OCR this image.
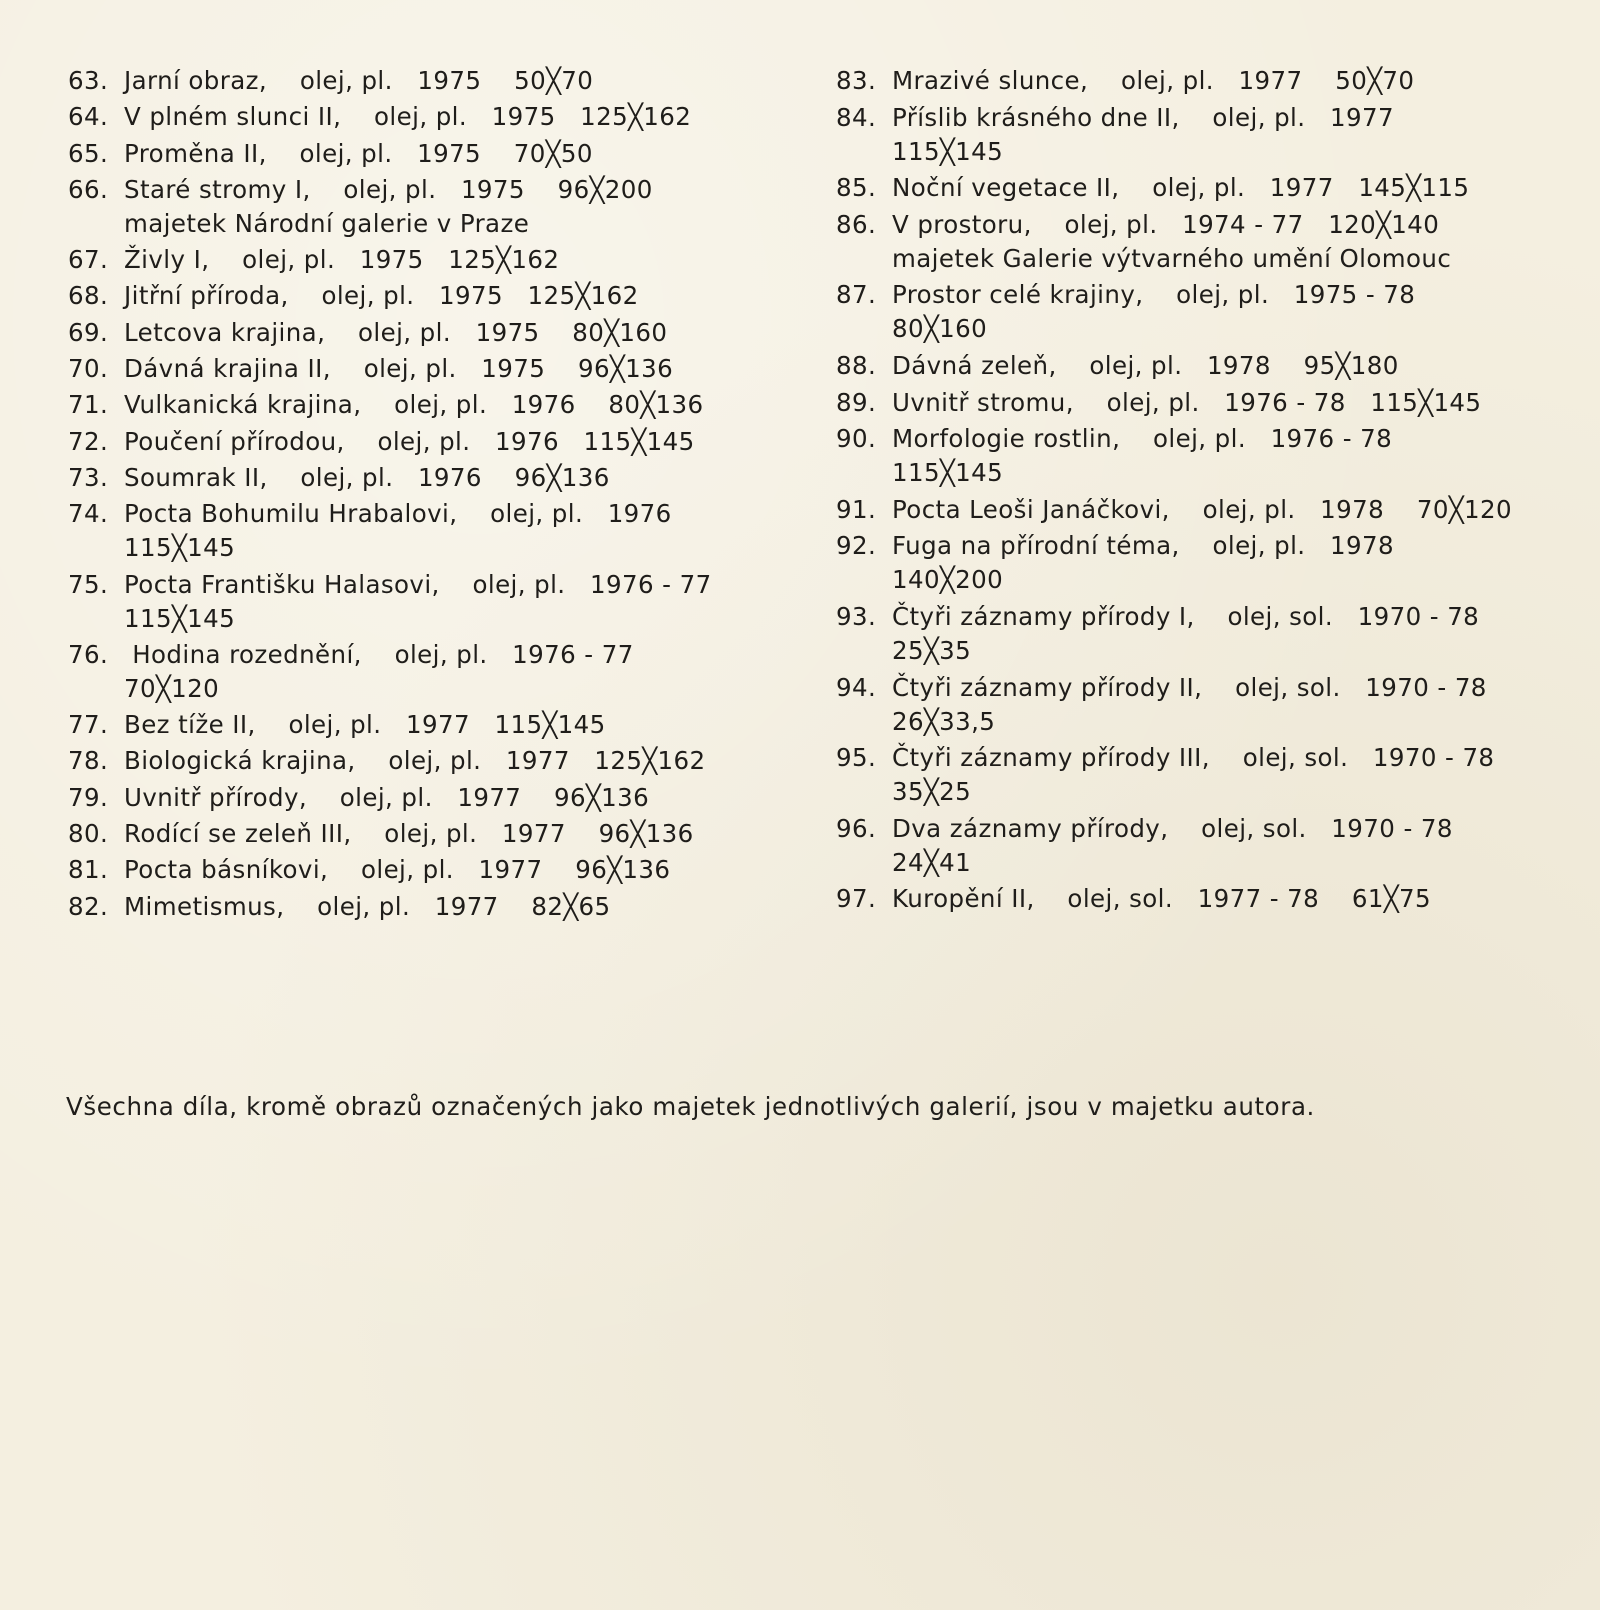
63. Jarní obraz,    olej, pl.   1975    50╳70
64. V plném slunci II,    olej, pl.   1975   125╳162
65. Proměna II,    olej, pl.   1975    70╳50
66. Staré stromy I,    olej, pl.   1975    96╳200
majetek Národní galerie v Praze
67. Živly I,    olej, pl.   1975   125╳162
68. Jitřní příroda,    olej, pl.   1975   125╳162
69. Letcova krajina,    olej, pl.   1975    80╳160
70. Dávná krajina II,    olej, pl.   1975    96╳136
71. Vulkanická krajina,    olej, pl.   1976    80╳136
72. Poučení přírodou,    olej, pl.   1976   115╳145
73. Soumrak II,    olej, pl.   1976    96╳136
74. Pocta Bohumilu Hrabalovi,    olej, pl.   1976
115╳145
75. Pocta Františku Halasovi,    olej, pl.   1976 - 77
115╳145
76. Hodina rozednění,    olej, pl.   1976 - 77
70╳120
77. Bez tíže II,    olej, pl.   1977   115╳145
78. Biologická krajina,    olej, pl.   1977   125╳162
79. Uvnitř přírody,    olej, pl.   1977    96╳136
80. Rodící se zeleň III,    olej, pl.   1977    96╳136
81. Pocta básníkovi,    olej, pl.   1977    96╳136
82. Mimetismus,    olej, pl.   1977    82╳65
83. Mrazivé slunce,    olej, pl.   1977    50╳70
84. Příslib krásného dne II,    olej, pl.   1977
115╳145
85. Noční vegetace II,    olej, pl.   1977   145╳115
86. V prostoru,    olej, pl.   1974 - 77   120╳140
majetek Galerie výtvarného umění Olomouc
87. Prostor celé krajiny,    olej, pl.   1975 - 78
80╳160
88. Dávná zeleň,    olej, pl.   1978    95╳180
89. Uvnitř stromu,    olej, pl.   1976 - 78   115╳145
90. Morfologie rostlin,    olej, pl.   1976 - 78
115╳145
91. Pocta Leoši Janáčkovi,    olej, pl.   1978    70╳120
92. Fuga na přírodní téma,    olej, pl.   1978
140╳200
93. Čtyři záznamy přírody I,    olej, sol.   1970 - 78
25╳35
94. Čtyři záznamy přírody II,    olej, sol.   1970 - 78
26╳33,5
95. Čtyři záznamy přírody III,    olej, sol.   1970 - 78
35╳25
96. Dva záznamy přírody,    olej, sol.   1970 - 78
24╳41
97. Kuropění II,    olej, sol.   1977 - 78    61╳75
Všechna díla, kromě obrazů označených jako majetek jednotlivých galerií, jsou v majetku autora.
